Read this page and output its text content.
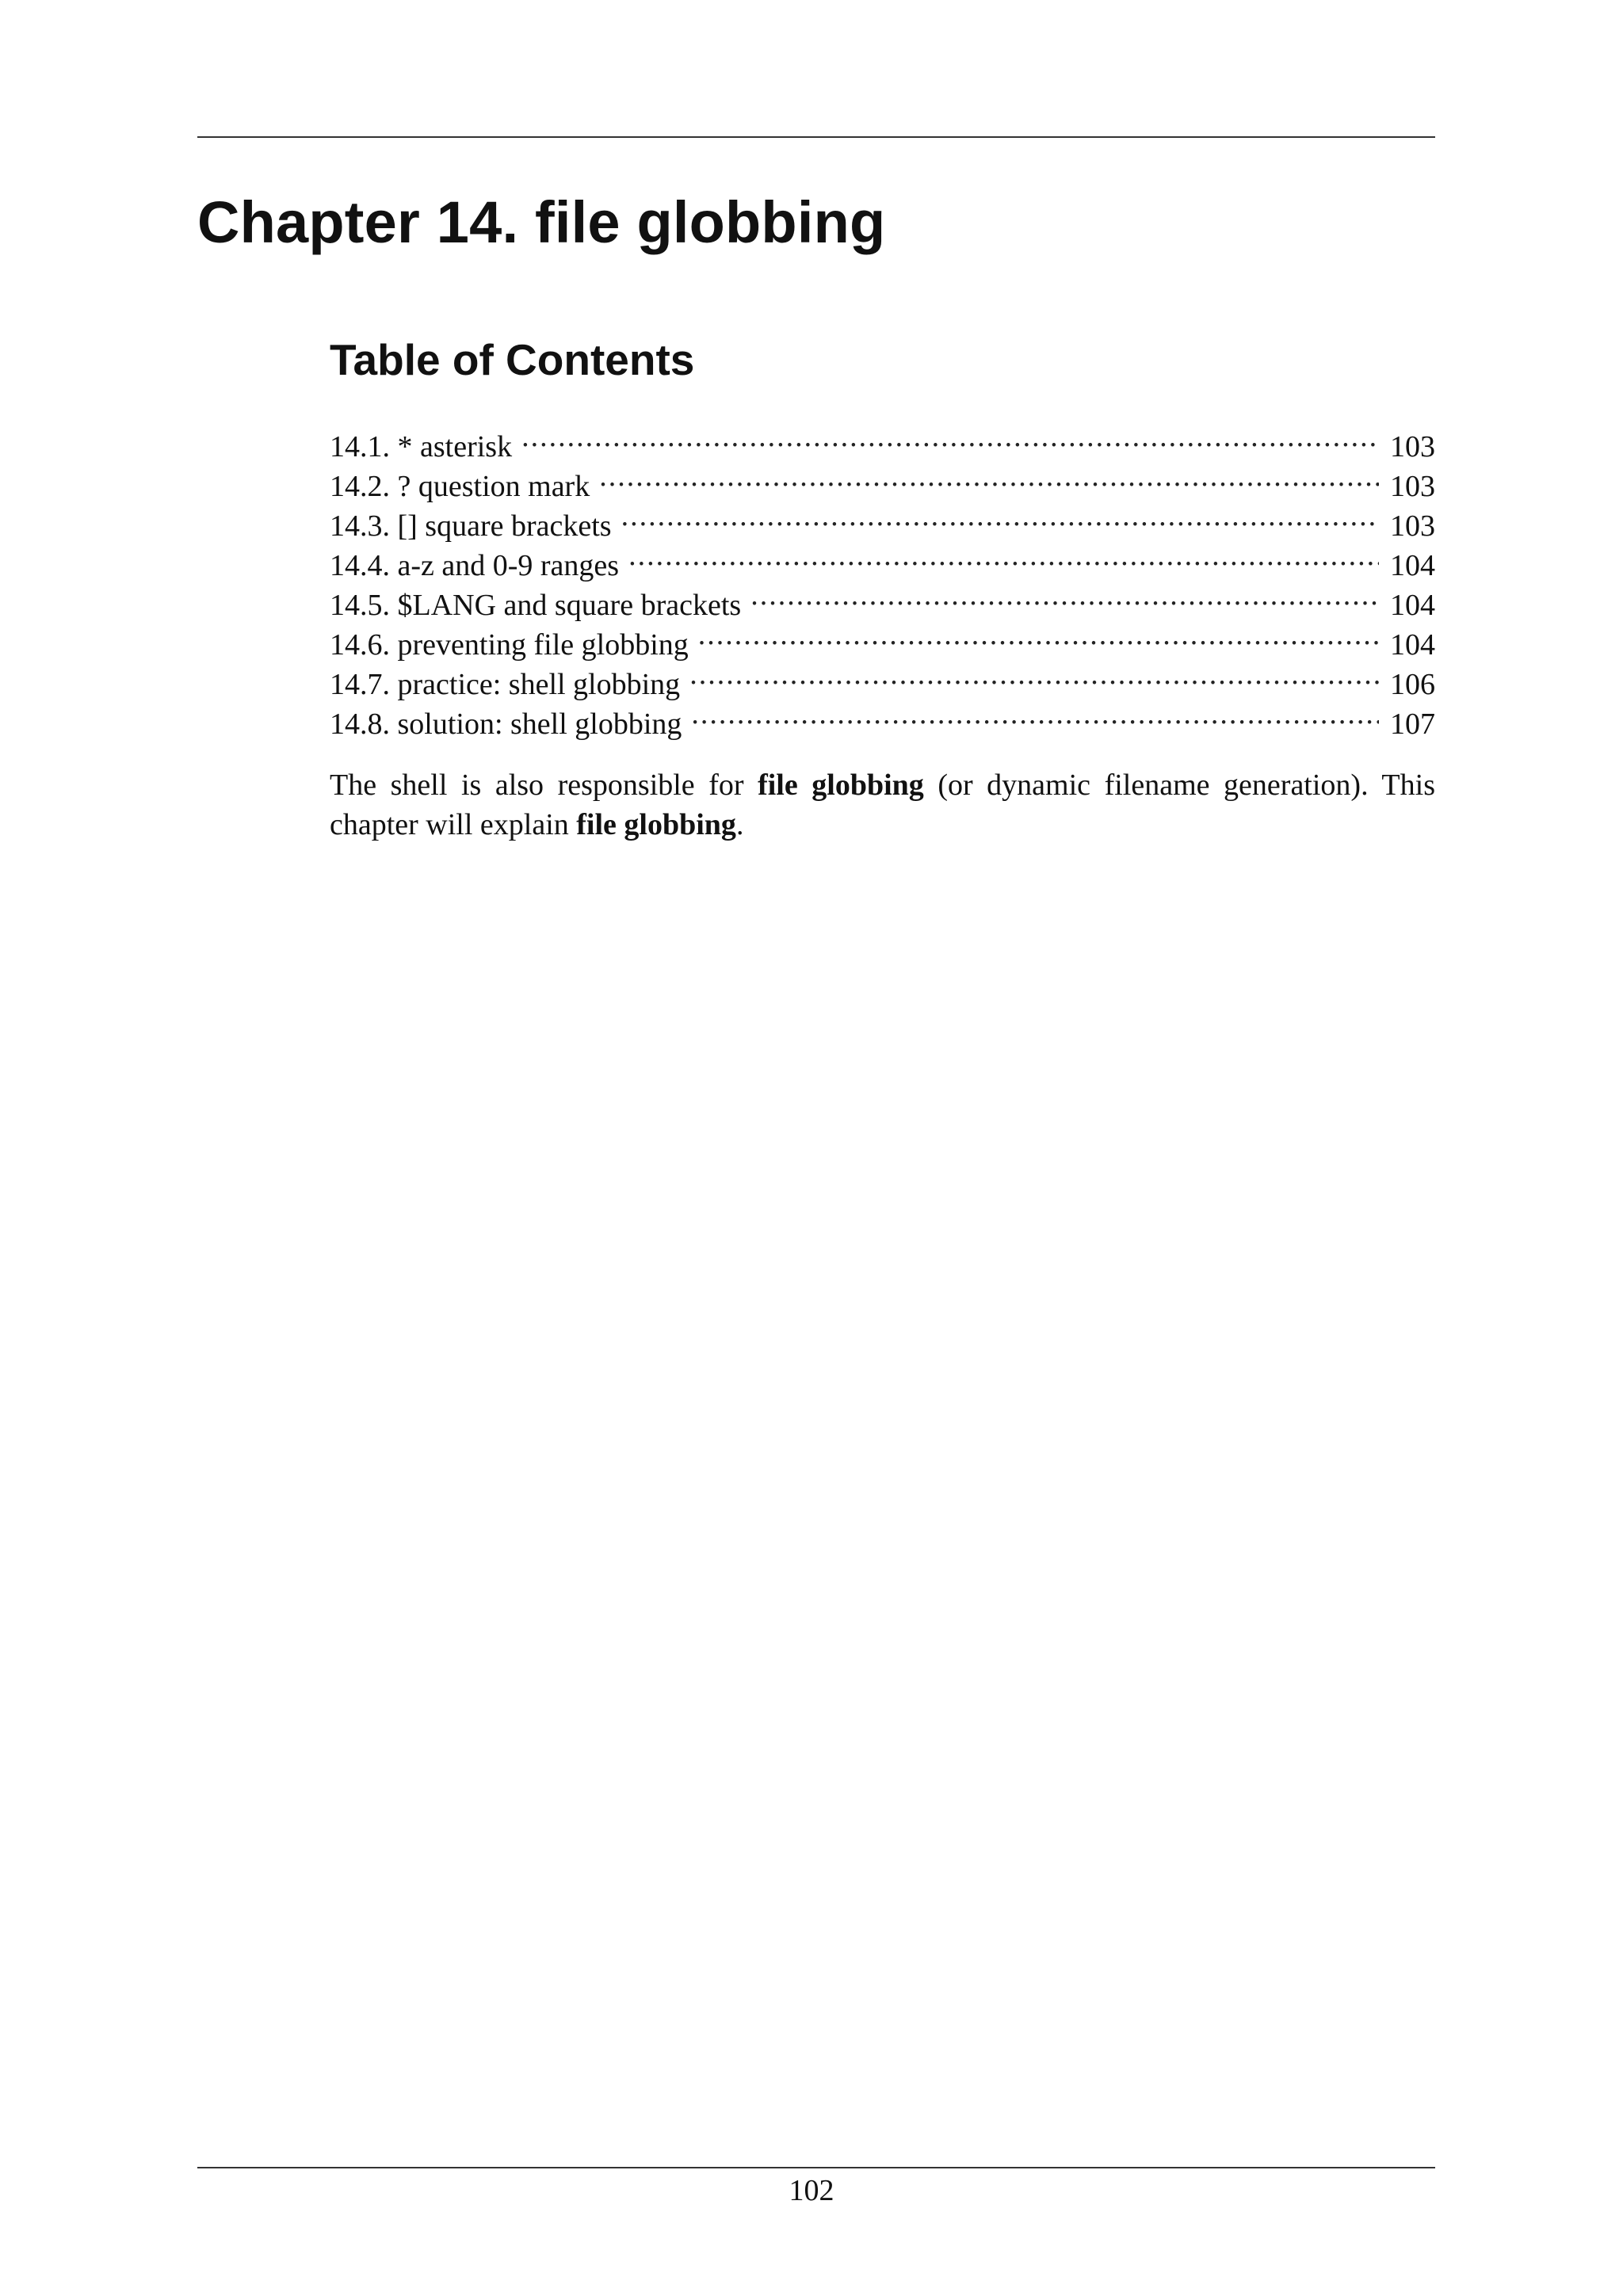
Chapter 14. file globbing
Table of Contents
14.1. * asterisk .....	103
14.2. ? question mark .....	103
14.3. [] square brackets .....	103
14.4. a-z and 0-9 ranges .....	104
14.5. $LANG and square brackets .....	104
14.6. preventing file globbing .....	104
14.7. practice: shell globbing .....	106
14.8. solution: shell globbing .....	107

The shell is also responsible for file globbing (or dynamic filename generation). This chapter will explain file globbing.

102
